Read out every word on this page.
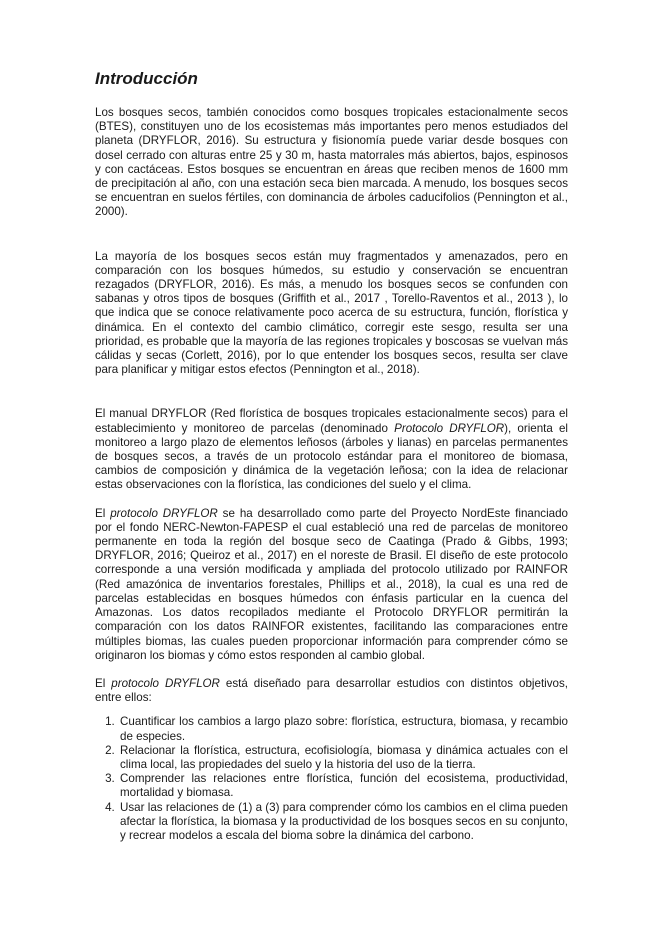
Introducción

Los bosques secos, también conocidos como bosques tropicales estacionalmente secos (BTES), constituyen uno de los ecosistemas más importantes pero menos estudiados del planeta (DRYFLOR, 2016). Su estructura y fisionomía puede variar desde bosques con dosel cerrado con alturas entre 25 y 30 m, hasta matorrales más abiertos, bajos, espinosos y con cactáceas. Estos bosques se encuentran en áreas que reciben menos de 1600 mm de precipitación al año, con una estación seca bien marcada. A menudo, los bosques secos se encuentran en suelos fértiles, con dominancia de árboles caducifolios (Pennington et al., 2000).

La mayoría de los bosques secos están muy fragmentados y amenazados, pero en comparación con los bosques húmedos, su estudio y conservación se encuentran rezagados (DRYFLOR, 2016). Es más, a menudo los bosques secos se confunden con sabanas y otros tipos de bosques (Griffith et al., 2017 , Torello-Raventos et al., 2013 ), lo que indica que se conoce relativamente poco acerca de su estructura, función, florística y dinámica. En el contexto del cambio climático, corregir este sesgo, resulta ser una prioridad, es probable que la mayoría de las regiones tropicales y boscosas se vuelvan más cálidas y secas (Corlett, 2016), por lo que entender los bosques secos, resulta ser clave para planificar y mitigar estos efectos (Pennington et al., 2018).

El manual DRYFLOR (Red florística de bosques tropicales estacionalmente secos) para el establecimiento y monitoreo de parcelas (denominado Protocolo DRYFLOR), orienta el monitoreo a largo plazo de elementos leñosos (árboles y lianas) en parcelas permanentes de bosques secos, a través de un protocolo estándar para el monitoreo de biomasa, cambios de composición y dinámica de la vegetación leñosa; con la idea de relacionar estas observaciones con la florística, las condiciones del suelo y el clima.

El protocolo DRYFLOR se ha desarrollado como parte del Proyecto NordEste financiado por el fondo NERC-Newton-FAPESP el cual estableció una red de parcelas de monitoreo permanente en toda la región del bosque seco de Caatinga (Prado & Gibbs, 1993; DRYFLOR, 2016; Queiroz et al., 2017) en el noreste de Brasil. El diseño de este protocolo corresponde a una versión modificada y ampliada del protocolo utilizado por RAINFOR (Red amazónica de inventarios forestales, Phillips et al., 2018), la cual es una red de parcelas establecidas en bosques húmedos con énfasis particular en la cuenca del Amazonas. Los datos recopilados mediante el Protocolo DRYFLOR permitirán la comparación con los datos RAINFOR existentes, facilitando las comparaciones entre múltiples biomas, las cuales pueden proporcionar información para comprender cómo se originaron los biomas y cómo estos responden al cambio global.

El protocolo DRYFLOR está diseñado para desarrollar estudios con distintos objetivos, entre ellos:

1. Cuantificar los cambios a largo plazo sobre: florística, estructura, biomasa, y recambio de especies.
2. Relacionar la florística, estructura, ecofisiología, biomasa y dinámica actuales con el clima local, las propiedades del suelo y la historia del uso de la tierra.
3. Comprender las relaciones entre florística, función del ecosistema, productividad, mortalidad y biomasa.
4. Usar las relaciones de (1) a (3) para comprender cómo los cambios en el clima pueden afectar la florística, la biomasa y la productividad de los bosques secos en su conjunto, y recrear modelos a escala del bioma sobre la dinámica del carbono.
